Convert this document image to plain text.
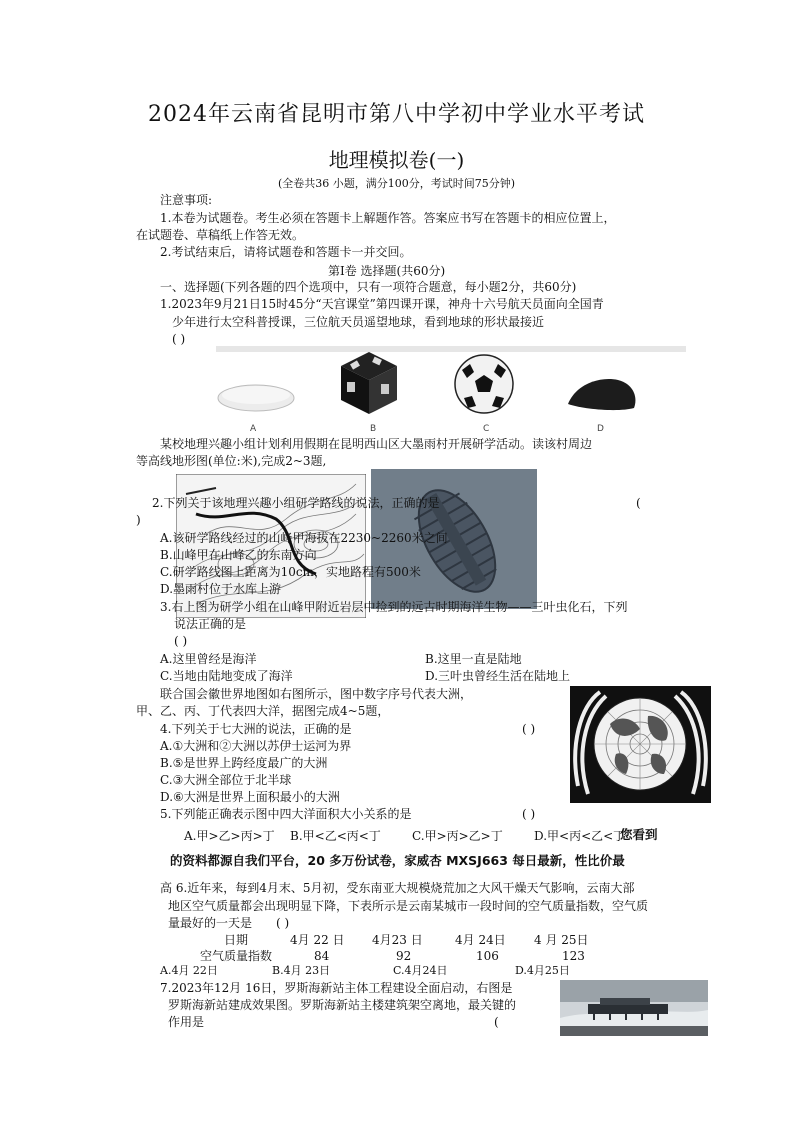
2024年云南省昆明市第八中学初中学业水平考试
地理模拟卷(一)
(全卷共36 小题，满分100分，考试时间75分钟)
注意事项:
1.本卷为试题卷。考生必须在答题卡上解题作答。答案应书写在答题卡的相应位置上，
在试题卷、草稿纸上作答无效。
2.考试结束后，请将试题卷和答题卡一并交回。
第Ⅰ卷 选择题(共60分)
一、选择题(下列各题的四个选项中，只有一项符合题意，每小题2分，共60分)
1.2023年9月21日15时45分“天宫课堂”第四课开课，神舟十六号航天员面向全国青
少年进行太空科普授课，三位航天员遥望地球，看到地球的形状最接近
( )
A	B	C	D
某校地理兴趣小组计划利用假期在昆明西山区大墨雨村开展研学活动。读该村周边
等高线地形图(单位:米),完成2~3题,
2.下列关于该地理兴趣小组研学路线的说法，正确的是	(
)
A.该研学路线经过的山峰甲海拔在2230~2260米之间
B.山峰甲在山峰乙的东南方向
C.研学路线图上距离为10cm，实地路程有500米
D.墨雨村位于水库上游
3.右上图为研学小组在山峰甲附近岩层中捡到的远古时期海洋生物——三叶虫化石，下列
说法正确的是
( )
A.这里曾经是海洋	B.这里一直是陆地
C.当地由陆地变成了海洋	D.三叶虫曾经生活在陆地上
联合国会徽世界地图如右图所示，图中数字序号代表大洲，
甲、乙、丙、丁代表四大洋，据图完成4~5题，
4.下列关于七大洲的说法，正确的是	( )
A.①大洲和②大洲以苏伊士运河为界
B.⑤是世界上跨经度最广的大洲
C.③大洲全部位于北半球
D.⑥大洲是世界上面积最小的大洲
5.下列能正确表示图中四大洋面积大小关系的是	( )
A.甲>乙>丙>丁 B.甲<乙<丙<丁	C.甲>丙>乙>丁	D.甲<丙<乙<丁
您看到
的资料都源自我们平台，20 多万份试卷，家威杏 MXSJ663 每日最新，性比价最
高 6.近年来，每到4月末、5月初，受东南亚大规模烧荒加之大风干燥天气影响，云南大部
地区空气质量都会出现明显下降，下表所示是云南某城市一段时间的空气质量指数，空气质
量最好的一天是 ( )
日期	4月 22 日 4月23 日	4月 24日 4 月 25日
空气质量指数	84	92	106	123
A.4月 22日	B.4月 23日	C.4月24日	D.4月25日
7.2023年12月 16日，罗斯海新站主体工程建设全面启动，右图是
罗斯海新站建成效果图。罗斯海新站主楼建筑架空离地，最关键的
作用是	(
